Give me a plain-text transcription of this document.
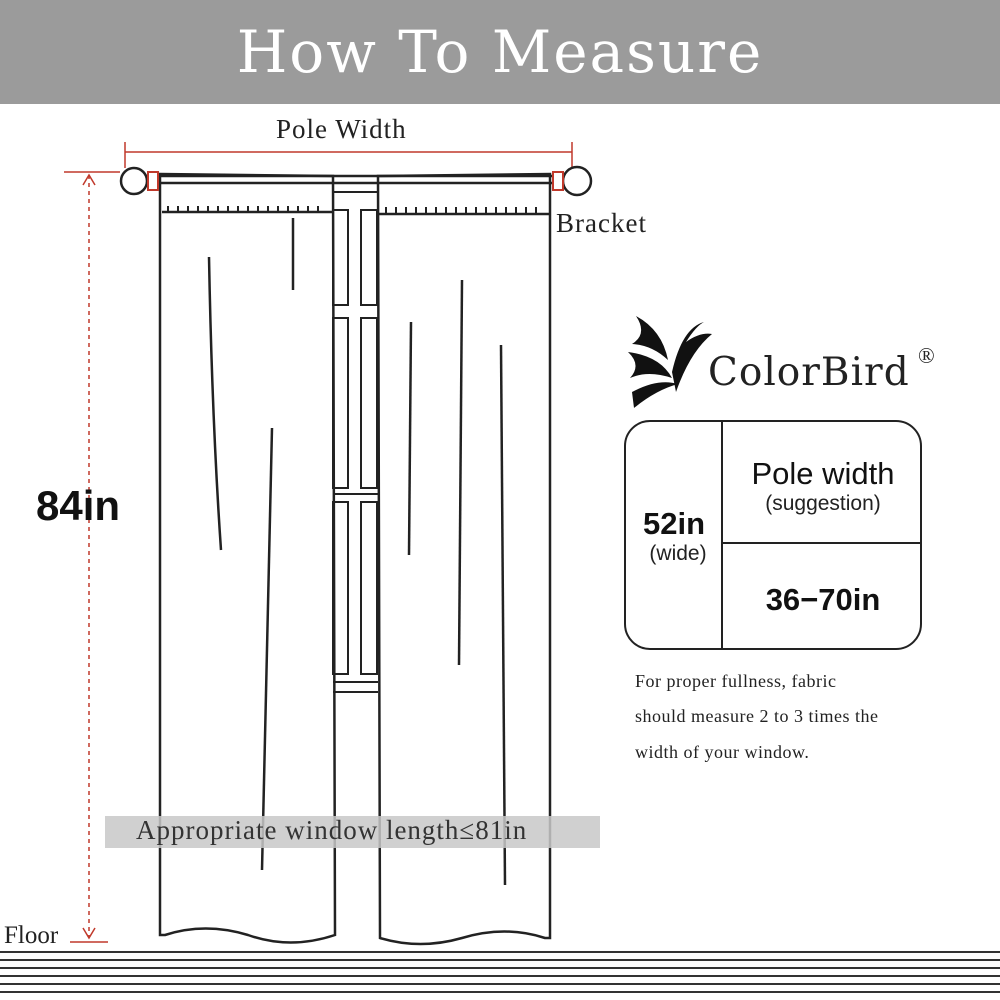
How To Measure
Pole Width
Bracket
84in
Floor
Appropriate window length≤81in
ColorBird ®
52in
(wide)
Pole width
(suggestion)
36−70in
For proper fullness, fabric
should measure 2 to 3 times the
width of your window.
